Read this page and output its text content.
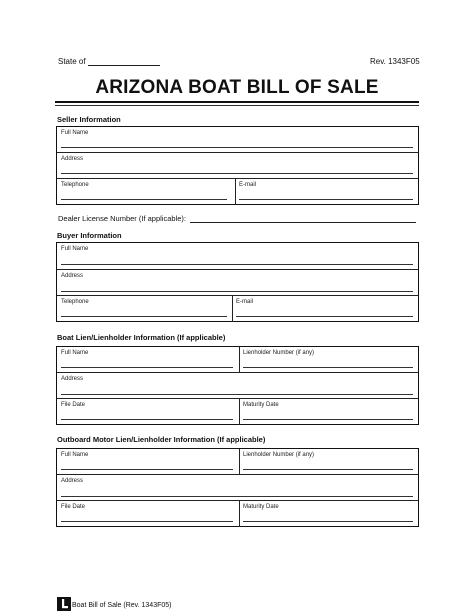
State of	Rev. 1343F05
ARIZONA BOAT BILL OF SALE
Seller Information
Full Name
Address
Telephone	E-mail
Dealer License Number (If applicable):
Buyer Information
Full Name
Address
Telephone	E-mail
Boat Lien/Lienholder Information (If applicable)
Full Name	Lienholder Number (if any)
Address
File Date	Maturity Date
Outboard Motor Lien/Lienholder Information (If applicable)
Full Name	Lienholder Number (if any)
Address
File Date	Maturity Date
Boat Bill of Sale (Rev. 1343F05)
